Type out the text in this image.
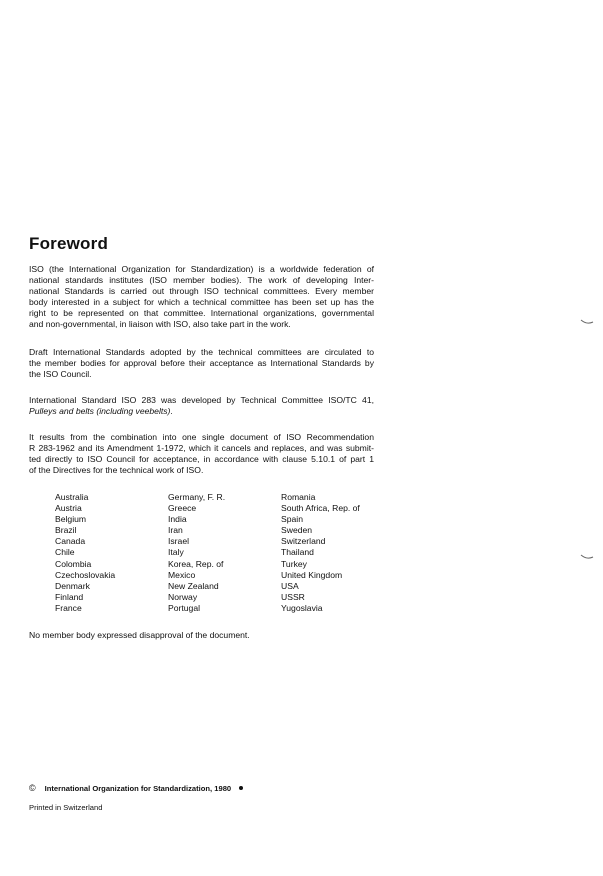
Foreword

ISO (the International Organization for Standardization) is a worldwide federation of
national standards institutes (ISO member bodies). The work of developing Inter-
national Standards is carried out through ISO technical committees. Every member
body interested in a subject for which a technical committee has been set up has the
right to be represented on that committee. International organizations, governmental
and non-governmental, in liaison with ISO, also take part in the work.

Draft International Standards adopted by the technical committees are circulated to
the member bodies for approval before their acceptance as International Standards by
the ISO Council.

International Standard ISO 283 was developed by Technical Committee ISO/TC 41,
Pulleys and belts (including veebelts).

It results from the combination into one single document of ISO Recommendation
R 283-1962 and its Amendment 1-1972, which it cancels and replaces, and was submit-
ted directly to ISO Council for acceptance, in accordance with clause 5.10.1 of part 1
of the Directives for the technical work of ISO.

Australia
Austria
Belgium
Brazil
Canada
Chile
Colombia
Czechoslovakia
Denmark
Finland
France
Germany, F. R.
Greece
India
Iran
Israel
Italy
Korea, Rep. of
Mexico
New Zealand
Norway
Portugal
Romania
South Africa, Rep. of
Spain
Sweden
Switzerland
Thailand
Turkey
United Kingdom
USA
USSR
Yugoslavia

No member body expressed disapproval of the document.

© International Organization for Standardization, 1980
Printed in Switzerland
